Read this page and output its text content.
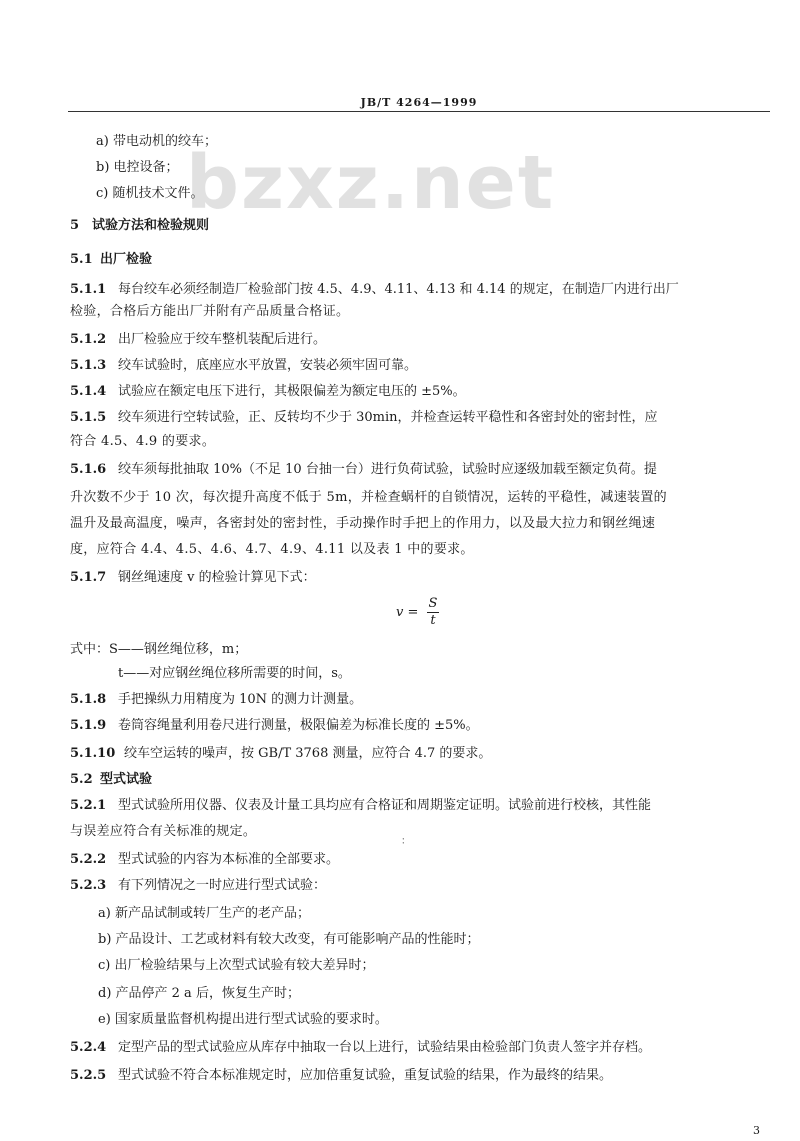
JB/T 4264—1999
bzxz.net
a) 带电动机的绞车；
b) 电控设备；
c) 随机技术文件。
5 试验方法和检验规则
5.1 出厂检验
5.1.1 每台绞车必须经制造厂检验部门按 4.5、4.9、4.11、4.13 和 4.14 的规定，在制造厂内进行出厂
检验，合格后方能出厂并附有产品质量合格证。
5.1.2 出厂检验应于绞车整机装配后进行。
5.1.3 绞车试验时，底座应水平放置，安装必须牢固可靠。
5.1.4 试验应在额定电压下进行，其极限偏差为额定电压的 ±5%。
5.1.5 绞车须进行空转试验，正、反转均不少于 30min，并检查运转平稳性和各密封处的密封性，应
符合 4.5、4.9 的要求。
5.1.6 绞车须每批抽取 10%（不足 10 台抽一台）进行负荷试验，试验时应逐级加载至额定负荷。提
升次数不少于 10 次，每次提升高度不低于 5m，并检查蜗杆的自锁情况，运转的平稳性，减速装置的
温升及最高温度，噪声，各密封处的密封性，手动操作时手把上的作用力，以及最大拉力和钢丝绳速
度，应符合 4.4、4.5、4.6、4.7、4.9、4.11 以及表 1 中的要求。
5.1.7 钢丝绳速度 v 的检验计算见下式：
$v = \frac{S}{t}$
式中：S——钢丝绳位移，m；
t——对应钢丝绳位移所需要的时间，s。
5.1.8 手把操纵力用精度为 10N 的测力计测量。
5.1.9 卷筒容绳量利用卷尺进行测量，极限偏差为标准长度的 ±5%。
5.1.10 绞车空运转的噪声，按 GB/T 3768 测量，应符合 4.7 的要求。
5.2 型式试验
5.2.1 型式试验所用仪器、仪表及计量工具均应有合格证和周期鉴定证明。试验前进行校核，其性能
与误差应符合有关标准的规定。
：
5.2.2 型式试验的内容为本标准的全部要求。
5.2.3 有下列情况之一时应进行型式试验：
a) 新产品试制或转厂生产的老产品；
b) 产品设计、工艺或材料有较大改变，有可能影响产品的性能时；
c) 出厂检验结果与上次型式试验有较大差异时；
d) 产品停产 2 a 后，恢复生产时；
e) 国家质量监督机构提出进行型式试验的要求时。
5.2.4 定型产品的型式试验应从库存中抽取一台以上进行，试验结果由检验部门负责人签字并存档。
5.2.5 型式试验不符合本标准规定时，应加倍重复试验，重复试验的结果，作为最终的结果。
3
